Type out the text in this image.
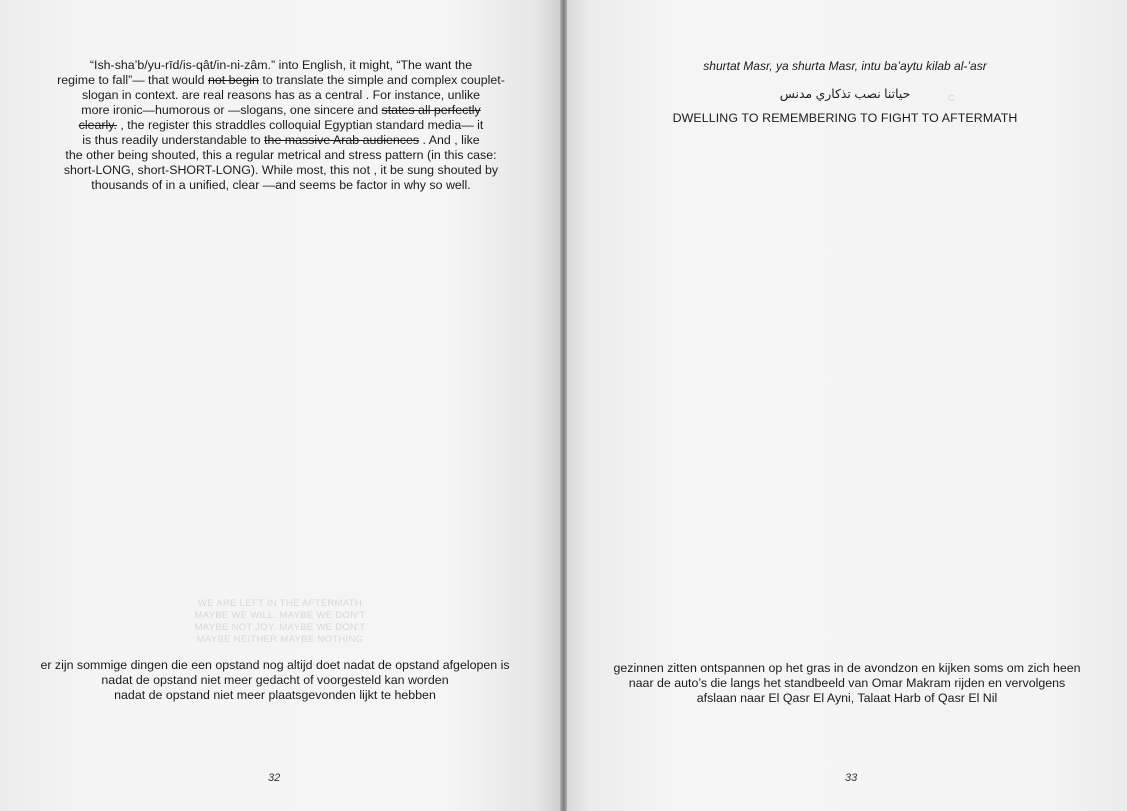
“Ish-sha’b/yu-rīd/is-qât/in-ni-zâm.” into English, it might, “The want the
regime to fall”— that would not begin to translate the simple and complex couplet-
slogan in context. are real reasons has as a central . For instance, unlike
more ironic—humorous or —slogans, one sincere and states all perfectly
clearly. , the register this straddles colloquial Egyptian standard media— it
is thus readily understandable to the massive Arab audiences . And , like
the other being shouted, this a regular metrical and stress pattern (in this case:
short-LONG, short-SHORT-LONG). While most, this not , it be sung shouted by
thousands of in a unified, clear —and seems be factor in why so well.
WE ARE LEFT IN THE AFTERMATH
MAYBE WE WILL. MAYBE WE DON'T
MAYBE NOT JOY. MAYBE WE DON'T
MAYBE NEITHER MAYBE NOTHING
er zijn sommige dingen die een opstand nog altijd doet nadat de opstand afgelopen is
nadat de opstand niet meer gedacht of voorgesteld kan worden
nadat de opstand niet meer plaatsgevonden lijkt te hebben
32
shurtat Masr, ya shurta Masr, intu ba’aytu kilab al-’asr
حياتنا نصب تذكاري مدنس
DWELLING TO REMEMBERING TO FIGHT TO AFTERMATH
C
gezinnen zitten ontspannen op het gras in de avondzon en kijken soms om zich heen
naar de auto’s die langs het standbeeld van Omar Makram rijden en vervolgens
afslaan naar El Qasr El Ayni, Talaat Harb of Qasr El Nil
33
